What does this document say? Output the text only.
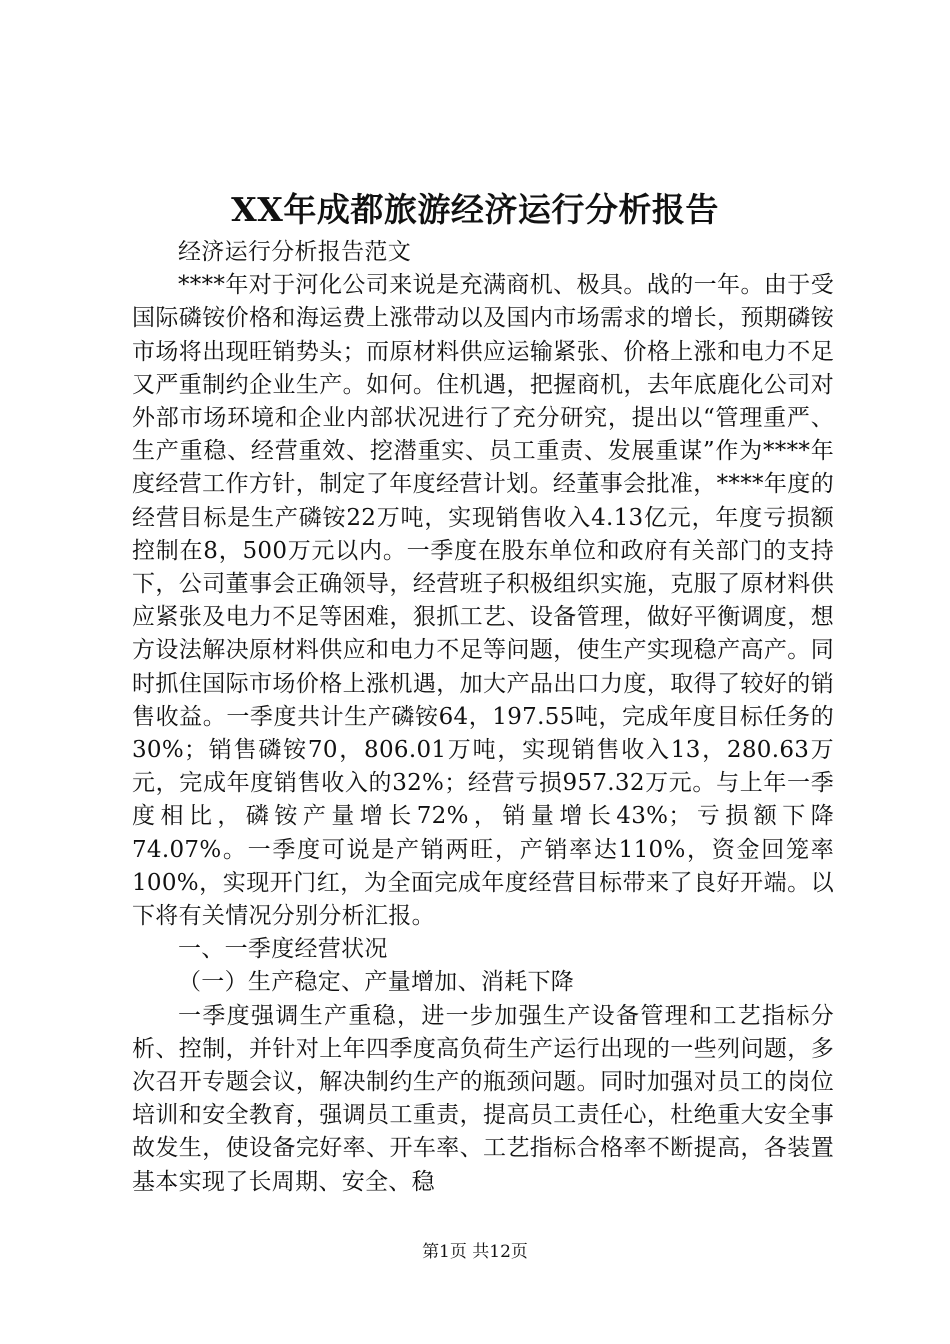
XX年成都旅游经济运行分析报告

经济运行分析报告范文

****年对于河化公司来说是充满商机、极具。战的一年。由于受国际磷铵价格和海运费上涨带动以及国内市场需求的增长，预期磷铵市场将出现旺销势头；而原材料供应运输紧张、价格上涨和电力不足又严重制约企业生产。如何。住机遇，把握商机，去年底鹿化公司对外部市场环境和企业内部状况进行了充分研究，提出以“管理重严、生产重稳、经营重效、挖潜重实、员工重责、发展重谋”作为****年度经营工作方针，制定了年度经营计划。经董事会批准，****年度的经营目标是生产磷铵22万吨，实现销售收入4.13亿元，年度亏损额控制在8，500万元以内。一季度在股东单位和政府有关部门的支持下，公司董事会正确领导，经营班子积极组织实施，克服了原材料供应紧张及电力不足等困难，狠抓工艺、设备管理，做好平衡调度，想方设法解决原材料供应和电力不足等问题，使生产实现稳产高产。同时抓住国际市场价格上涨机遇，加大产品出口力度，取得了较好的销售收益。一季度共计生产磷铵64，197.55吨，完成年度目标任务的30%；销售磷铵70，806.01万吨，实现销售收入13，280.63万元，完成年度销售收入的32%；经营亏损957.32万元。与上年一季度相比，磷铵产量增长72%，销量增长43%；亏损额下降74.07%。一季度可说是产销两旺，产销率达110%，资金回笼率100%，实现开门红，为全面完成年度经营目标带来了良好开端。以下将有关情况分别分析汇报。

一、一季度经营状况

（一）生产稳定、产量增加、消耗下降

一季度强调生产重稳，进一步加强生产设备管理和工艺指标分析、控制，并针对上年四季度高负荷生产运行出现的一些列问题，多次召开专题会议，解决制约生产的瓶颈问题。同时加强对员工的岗位培训和安全教育，强调员工重责，提高员工责任心，杜绝重大安全事故发生，使设备完好率、开车率、工艺指标合格率不断提高，各装置基本实现了长周期、安全、稳

第1页 共12页
